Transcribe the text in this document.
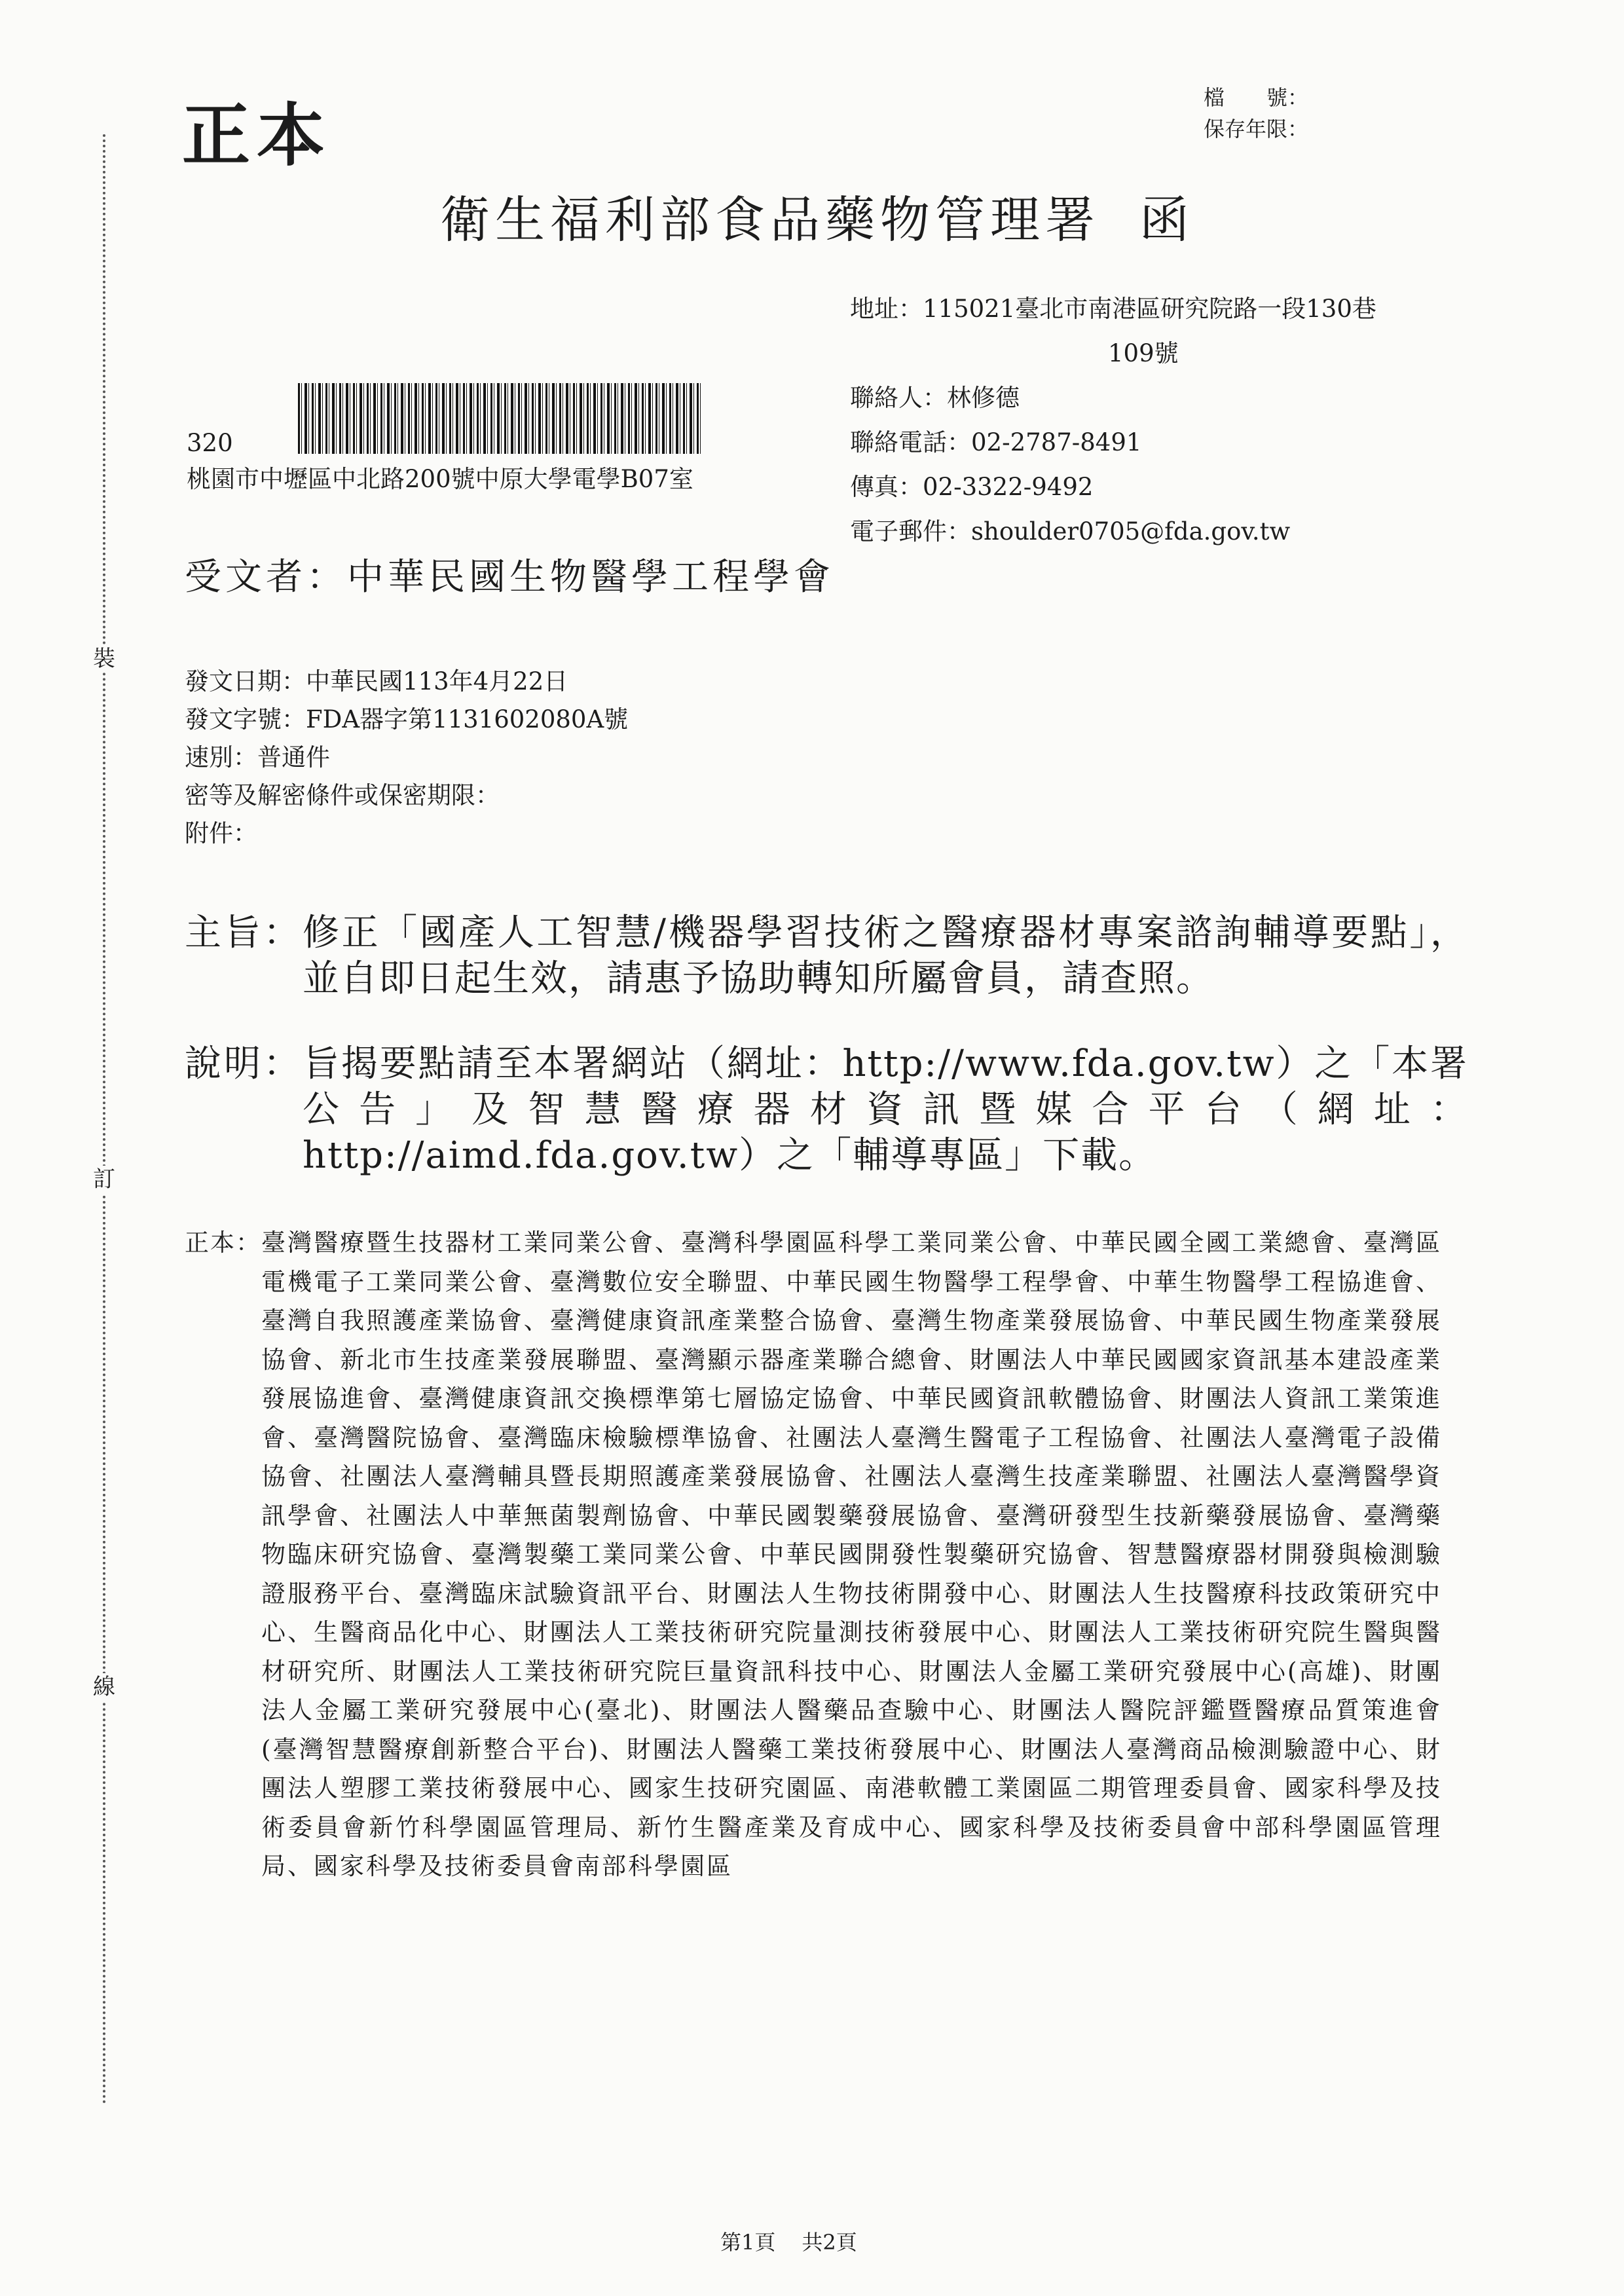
裝
訂
線
正本	檔　　號：
保存年限：
衛生福利部食品藥物管理署 函
地址：115021臺北市南港區研究院路一段130巷
109號
聯絡人：林修德
聯絡電話：02-2787-8491
傳真：02-3322-9492
電子郵件：shoulder0705@fda.gov.tw
320
桃園市中壢區中北路200號中原大學電學B07室
受文者：中華民國生物醫學工程學會
發文日期：中華民國113年4月22日
發文字號：FDA器字第1131602080A號
速別：普通件
密等及解密條件或保密期限：
附件：
主旨： 修正「國產人工智慧/機器學習技術之醫療器材專案諮詢輔導要點」，並自即日起生效，請惠予協助轉知所屬會員，請查照。
說明： 旨揭要點請至本署網站（網址：http://www.fda.gov.tw）之「本署公告」及智慧醫療器材資訊暨媒合平台（網址：http://aimd.fda.gov.tw）之「輔導專區」下載。
正本： 臺灣醫療暨生技器材工業同業公會、臺灣科學園區科學工業同業公會、中華民國全國工業總會、臺灣區電機電子工業同業公會、臺灣數位安全聯盟、中華民國生物醫學工程學會、中華生物醫學工程協進會、臺灣自我照護產業協會、臺灣健康資訊產業整合協會、臺灣生物產業發展協會、中華民國生物產業發展協會、新北市生技產業發展聯盟、臺灣顯示器產業聯合總會、財團法人中華民國國家資訊基本建設產業發展協進會、臺灣健康資訊交換標準第七層協定協會、中華民國資訊軟體協會、財團法人資訊工業策進會、臺灣醫院協會、臺灣臨床檢驗標準協會、社團法人臺灣生醫電子工程協會、社團法人臺灣電子設備協會、社團法人臺灣輔具暨長期照護產業發展協會、社團法人臺灣生技產業聯盟、社團法人臺灣醫學資訊學會、社團法人中華無菌製劑協會、中華民國製藥發展協會、臺灣研發型生技新藥發展協會、臺灣藥物臨床研究協會、臺灣製藥工業同業公會、中華民國開發性製藥研究協會、智慧醫療器材開發與檢測驗證服務平台、臺灣臨床試驗資訊平台、財團法人生物技術開發中心、財團法人生技醫療科技政策研究中心、生醫商品化中心、財團法人工業技術研究院量測技術發展中心、財團法人工業技術研究院生醫與醫材研究所、財團法人工業技術研究院巨量資訊科技中心、財團法人金屬工業研究發展中心(高雄)、財團法人金屬工業研究發展中心(臺北)、財團法人醫藥品查驗中心、財團法人醫院評鑑暨醫療品質策進會(臺灣智慧醫療創新整合平台)、財團法人醫藥工業技術發展中心、財團法人臺灣商品檢測驗證中心、財團法人塑膠工業技術發展中心、國家生技研究園區、南港軟體工業園區二期管理委員會、國家科學及技術委員會新竹科學園區管理局、新竹生醫產業及育成中心、國家科學及技術委員會中部科學園區管理局、國家科學及技術委員會南部科學園區
第1頁 共2頁
